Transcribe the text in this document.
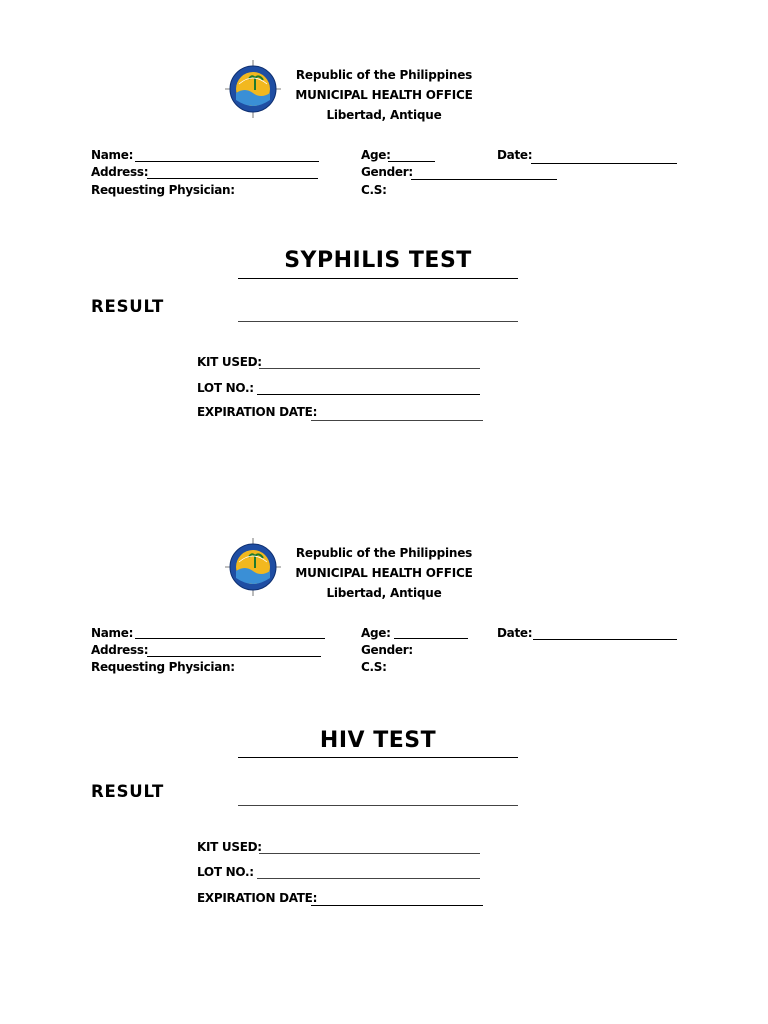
Republic of the Philippines
MUNICIPAL HEALTH OFFICE
Libertad, Antique
Name:
Address:
Requesting Physician:
Age:
Gender:
C.S:
Date:
SYPHILIS TEST
RESULT
KIT USED:
LOT NO.:
EXPIRATION DATE:
Republic of the Philippines
MUNICIPAL HEALTH OFFICE
Libertad, Antique
Name:
Address:
Requesting Physician:
Age:
Gender:
C.S:
Date:
HIV TEST
RESULT
KIT USED:
LOT NO.:
EXPIRATION DATE:
